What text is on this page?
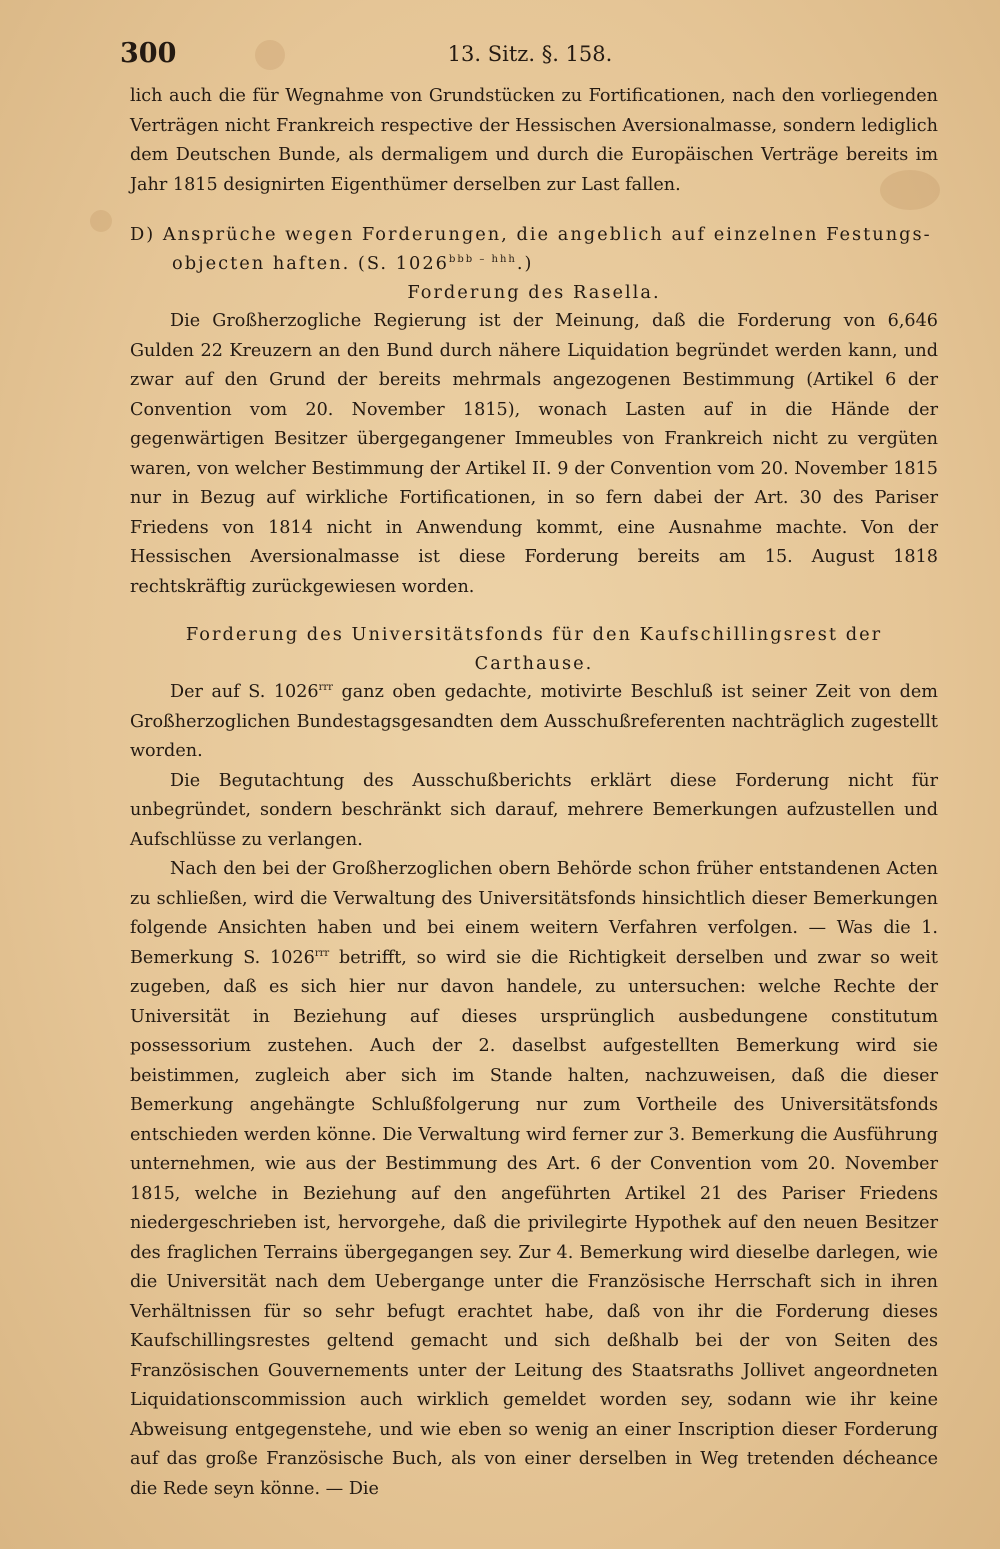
300	13. Sitz. §. 158.

lich auch die für Wegnahme von Grundstücken zu Fortificationen, nach den vorliegenden Verträgen nicht Frankreich respective der Hessischen Aversionalmasse, sondern lediglich dem Deutschen Bunde, als dermaligem und durch die Europäischen Verträge bereits im Jahr 1815 designirten Eigenthümer derselben zur Last fallen.

D) Ansprüche wegen Forderungen, die angeblich auf einzelnen Festungs-objecten haften. (S. $1026^{bbb - hhh}$.)
Forderung des Rasella.

Die Großherzogliche Regierung ist der Meinung, daß die Forderung von 6,646 Gulden 22 Kreuzern an den Bund durch nähere Liquidation begründet werden kann, und zwar auf den Grund der bereits mehrmals angezogenen Bestimmung (Artikel 6 der Convention vom 20. November 1815), wonach Lasten auf in die Hände der gegenwärtigen Besitzer übergegangener Immeubles von Frankreich nicht zu vergüten waren, von welcher Bestimmung der Artikel II. 9 der Convention vom 20. November 1815 nur in Bezug auf wirkliche Fortificationen, in so fern dabei der Art. 30 des Pariser Friedens von 1814 nicht in Anwendung kommt, eine Ausnahme machte. Von der Hessischen Aversionalmasse ist diese Forderung bereits am 15. August 1818 rechtskräftig zurückgewiesen worden.

Forderung des Universitätsfonds für den Kaufschillingsrest der Carthause.

Der auf S. $1026^{rrr}$ ganz oben gedachte, motivirte Beschluß ist seiner Zeit von dem Großherzoglichen Bundestagsgesandten dem Ausschußreferenten nachträglich zugestellt worden.

Die Begutachtung des Ausschußberichts erklärt diese Forderung nicht für unbegründet, sondern beschränkt sich darauf, mehrere Bemerkungen aufzustellen und Aufschlüsse zu verlangen.

Nach den bei der Großherzoglichen obern Behörde schon früher entstandenen Acten zu schließen, wird die Verwaltung des Universitätsfonds hinsichtlich dieser Bemerkungen folgende Ansichten haben und bei einem weitern Verfahren verfolgen. — Was die 1. Bemerkung S. $1026^{rrr}$ betrifft, so wird sie die Richtigkeit derselben und zwar so weit zugeben, daß es sich hier nur davon handele, zu untersuchen: welche Rechte der Universität in Beziehung auf dieses ursprünglich ausbedungene constitutum possessorium zustehen. Auch der 2. daselbst aufgestellten Bemerkung wird sie beistimmen, zugleich aber sich im Stande halten, nachzuweisen, daß die dieser Bemerkung angehängte Schlußfolgerung nur zum Vortheile des Universitätsfonds entschieden werden könne. Die Verwaltung wird ferner zur 3. Bemerkung die Ausführung unternehmen, wie aus der Bestimmung des Art. 6 der Convention vom 20. November 1815, welche in Beziehung auf den angeführten Artikel 21 des Pariser Friedens niedergeschrieben ist, hervorgehe, daß die privilegirte Hypothek auf den neuen Besitzer des fraglichen Terrains übergegangen sey. Zur 4. Bemerkung wird dieselbe darlegen, wie die Universität nach dem Uebergange unter die Französische Herrschaft sich in ihren Verhältnissen für so sehr befugt erachtet habe, daß von ihr die Forderung dieses Kaufschillingsrestes geltend gemacht und sich deßhalb bei der von Seiten des Französischen Gouvernements unter der Leitung des Staatsraths Jollivet angeordneten Liquidationscommission auch wirklich gemeldet worden sey, sodann wie ihr keine Abweisung entgegenstehe, und wie eben so wenig an einer Inscription dieser Forderung auf das große Französische Buch, als von einer derselben in Weg tretenden décheance die Rede seyn könne. — Die
